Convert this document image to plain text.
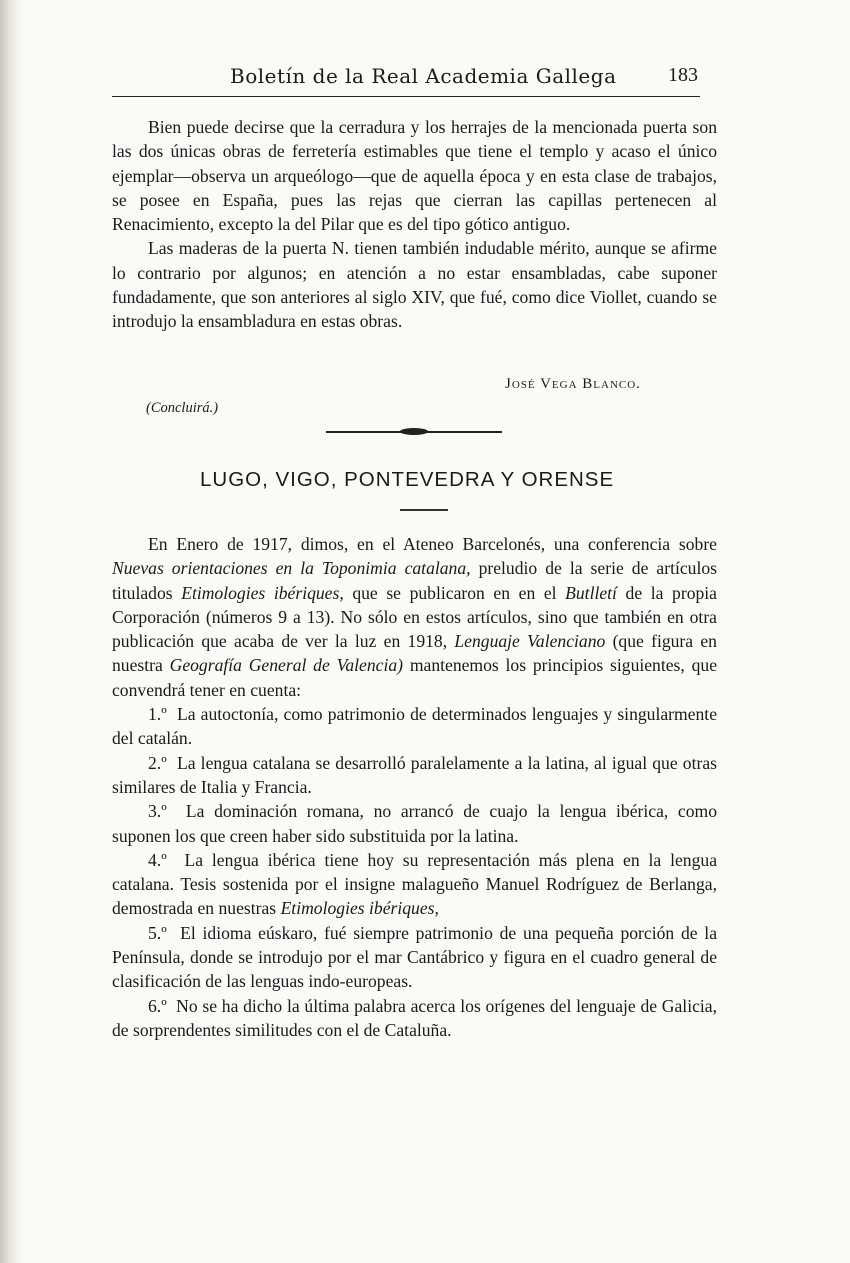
Boletín de la Real Academia Gallega	183

Bien puede decirse que la cerradura y los herrajes de la mencionada puerta son las dos únicas obras de ferretería estimables que tiene el templo y acaso el único ejemplar—observa un arqueólogo—que de aquella época y en esta clase de trabajos, se posee en España, pues las rejas que cierran las capillas pertenecen al Renacimiento, excepto la del Pilar que es del tipo gótico antiguo.

Las maderas de la puerta N. tienen también indudable mérito, aunque se afirme lo contrario por algunos; en atención a no estar ensambladas, cabe suponer fundadamente, que son anteriores al siglo XIV, que fué, como dice Viollet, cuando se introdujo la ensambladura en estas obras.

José Vega Blanco.
(Concluirá.)
LUGO, VIGO, PONTEVEDRA Y ORENSE

En Enero de 1917, dimos, en el Ateneo Barcelonés, una conferencia sobre Nuevas orientaciones en la Toponimia catalana, preludio de la serie de artículos titulados Etimologies ibériques, que se publicaron en en el Butlletí de la propia Corporación (números 9 a 13). No sólo en estos artículos, sino que también en otra publicación que acaba de ver la luz en 1918, Lenguaje Valenciano (que figura en nuestra Geografía General de Valencia) mantenemos los principios siguientes, que convendrá tener en cuenta:

1.º La autoctonía, como patrimonio de determinados lenguajes y singularmente del catalán.

2.º La lengua catalana se desarrolló paralelamente a la latina, al igual que otras similares de Italia y Francia.

3.º La dominación romana, no arrancó de cuajo la lengua ibérica, como suponen los que creen haber sido substituida por la latina.

4.º La lengua ibérica tiene hoy su representación más plena en la lengua catalana. Tesis sostenida por el insigne malagueño Manuel Rodríguez de Berlanga, demostrada en nuestras Etimologies ibériques,

5.º El idioma eúskaro, fué siempre patrimonio de una pequeña porción de la Península, donde se introdujo por el mar Cantábrico y figura en el cuadro general de clasificación de las lenguas indo-europeas.

6.º No se ha dicho la última palabra acerca los orígenes del lenguaje de Galicia, de sorprendentes similitudes con el de Cataluña.
